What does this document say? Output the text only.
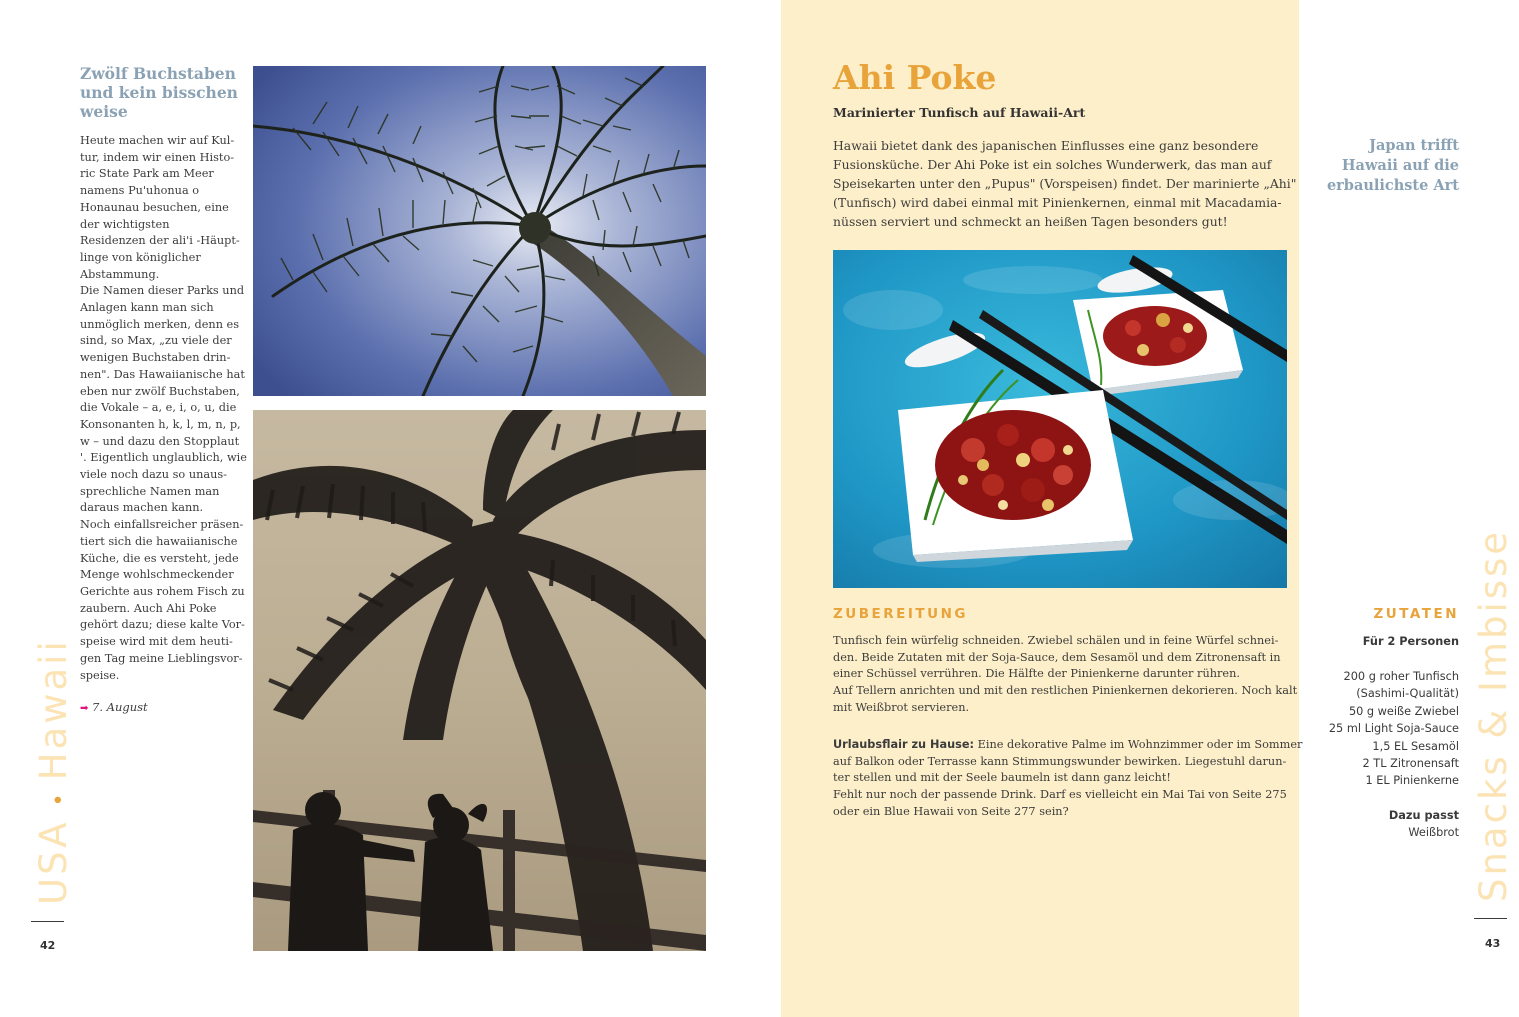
USA • Hawaii
42
Zwölf Buchstaben und kein bisschen weise
Heute machen wir auf Kul-
tur, indem wir einen Histo-
ric State Park am Meer
namens Pu'uhonua o
Honaunau besuchen, eine
der wichtigsten
Residenzen der ali'i -Häupt-
linge von königlicher
Abstammung.
Die Namen dieser Parks und
Anlagen kann man sich
unmöglich merken, denn es
sind, so Max, „zu viele der
wenigen Buchstaben drin-
nen". Das Hawaiianische hat
eben nur zwölf Buchstaben,
die Vokale – a, e, i, o, u, die
Konsonanten h, k, l, m, n, p,
w – und dazu den Stopplaut
'. Eigentlich unglaublich, wie
viele noch dazu so unaus-
sprechliche Namen man
daraus machen kann.
Noch einfallsreicher präsen-
tiert sich die hawaiianische
Küche, die es versteht, jede
Menge wohlschmeckender
Gerichte aus rohem Fisch zu
zaubern. Auch Ahi Poke
gehört dazu; diese kalte Vor-
speise wird mit dem heuti-
gen Tag meine Lieblingsvor-
speise.
➡ 7. August
Ahi Poke
Marinierter Tunfisch auf Hawaii-Art
Hawaii bietet dank des japanischen Einflusses eine ganz besondere
Fusionsküche. Der Ahi Poke ist ein solches Wunderwerk, das man auf
Speisekarten unter den „Pupus" (Vorspeisen) findet. Der marinierte „Ahi"
(Tunfisch) wird dabei einmal mit Pinienkernen, einmal mit Macadamia-
nüssen serviert und schmeckt an heißen Tagen besonders gut!
Japan trifft
Hawaii auf die
erbaulichste Art
ZUBEREITUNG
Tunfisch fein würfelig schneiden. Zwiebel schälen und in feine Würfel schnei-
den. Beide Zutaten mit der Soja-Sauce, dem Sesamöl und dem Zitronensaft in
einer Schüssel verrühren. Die Hälfte der Pinienkerne darunter rühren.
Auf Tellern anrichten und mit den restlichen Pinienkernen dekorieren. Noch kalt
mit Weißbrot servieren.
Urlaubsflair zu Hause: Eine dekorative Palme im Wohnzimmer oder im Sommer
auf Balkon oder Terrasse kann Stimmungswunder bewirken. Liegestuhl darun-
ter stellen und mit der Seele baumeln ist dann ganz leicht!
Fehlt nur noch der passende Drink. Darf es vielleicht ein Mai Tai von Seite 275
oder ein Blue Hawaii von Seite 277 sein?
ZUTATEN
Für 2 Personen
200 g roher Tunfisch
(Sashimi-Qualität)
50 g weiße Zwiebel
25 ml Light Soja-Sauce
1,5 EL Sesamöl
2 TL Zitronensaft
1 EL Pinienkerne
Dazu passt
Weißbrot Snacks & Imbisse
43
